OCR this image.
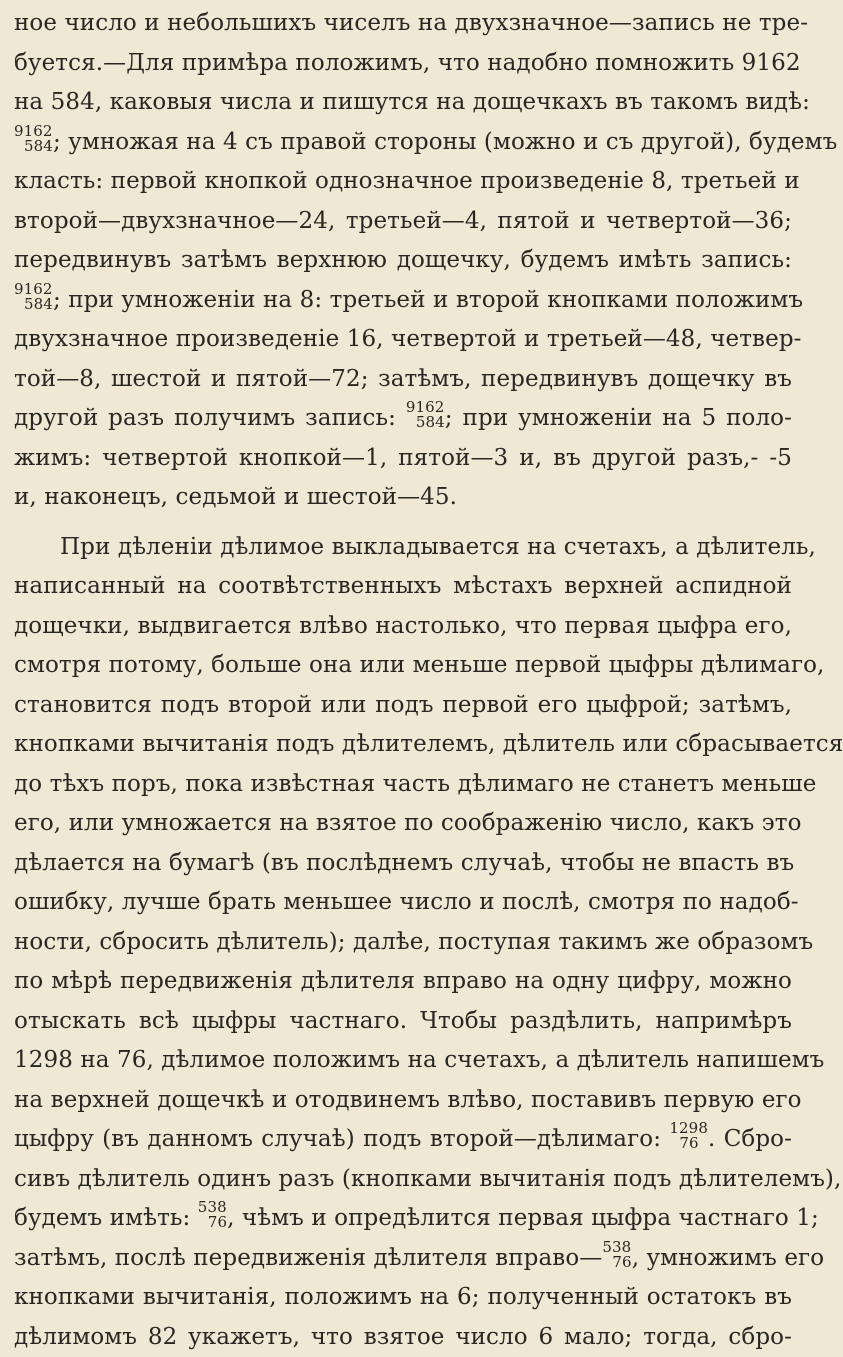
ное число и небольшихъ чиселъ на двухзначное—запись не тре-
буется.—Для примѣра положимъ, что надобно помножить 9162
на 584, каковыя числа и пишутся на дощечкахъ въ такомъ видѣ:
9162
584 ; умножая на 4 съ правой стороны (можно и съ другой), будемъ
класть: первой кнопкой однозначное произведеніе 8, третьей и
второй—двухзначное—24, третьей—4, пятой и четвертой—36;
передвинувъ затѣмъ верхнюю дощечку, будемъ имѣть запись:
9162
584 ; при умноженіи на 8: третьей и второй кнопками положимъ
двухзначное произведеніе 16, четвертой и третьей—48, четвер-
той—8, шестой и пятой—72; затѣмъ, передвинувъ дощечку въ
другой разъ получимъ запись: 9162
584 ; при умноженіи на 5 поло-
жимъ: четвертой кнопкой—1, пятой—3 и, въ другой разъ,- -5
и, наконецъ, седьмой и шестой—45.
При дѣленіи дѣлимое выкладывается на счетахъ, а дѣлитель,
написанный на соотвѣтственныхъ мѣстахъ верхней аспидной
дощечки, выдвигается влѣво настолько, что первая цыфра его,
смотря потому, больше она или меньше первой цыфры дѣлимаго,
становится подъ второй или подъ первой его цыфрой; затѣмъ,
кнопками вычитанія подъ дѣлителемъ, дѣлитель или сбрасывается
до тѣхъ поръ, пока извѣстная часть дѣлимаго не станетъ меньше
его, или умножается на взятое по соображенію число, какъ это
дѣлается на бумагѣ (въ послѣднемъ случаѣ, чтобы не впасть въ
ошибку, лучше брать меньшее число и послѣ, смотря по надоб-
ности, сбросить дѣлитель); далѣе, поступая такимъ же образомъ
по мѣрѣ передвиженія дѣлителя вправо на одну цифру, можно
отыскать всѣ цыфры частнаго. Чтобы раздѣлить, напримѣръ
1298 на 76, дѣлимое положимъ на счетахъ, а дѣлитель напишемъ
на верхней дощечкѣ и отодвинемъ влѣво, поставивъ первую его
цыфру (въ данномъ случаѣ) подъ второй—дѣлимаго: 1298
76 . Сбро-
сивъ дѣлитель одинъ разъ (кнопками вычитанія подъ дѣлителемъ),
будемъ имѣть: 538
76 , чѣмъ и опредѣлится первая цыфра частнаго 1;
затѣмъ, послѣ передвиженія дѣлителя вправо— 538
76 , умножимъ его
кнопками вычитанія, положимъ на 6; полученный остатокъ въ
дѣлимомъ 82 укажетъ, что взятое число 6 мало; тогда, сбро-
